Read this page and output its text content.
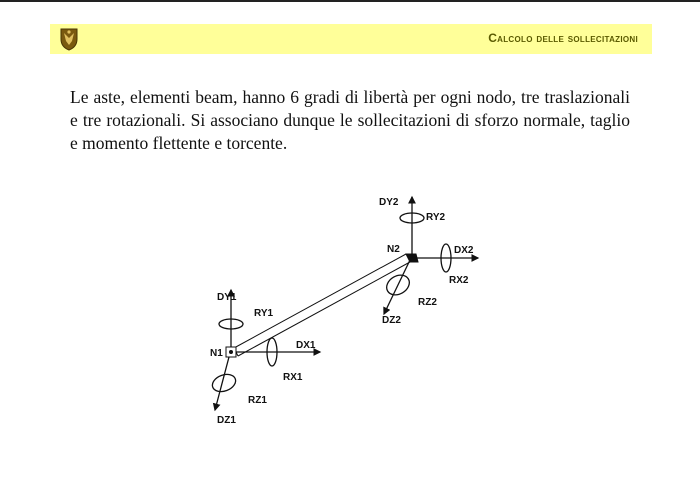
Calcolo delle sollecitazioni
Le aste, elementi beam, hanno 6 gradi di libertà per ogni nodo, tre traslazionali e tre rotazionali. Si associano dunque le sollecitazioni di sforzo normale, taglio e momento flettente e torcente.
DY2
RY2
N2	DX2
RX2
RZ2
DZ2
DY1
RY1
DX1
N1
RX1
RZ1
DZ1
